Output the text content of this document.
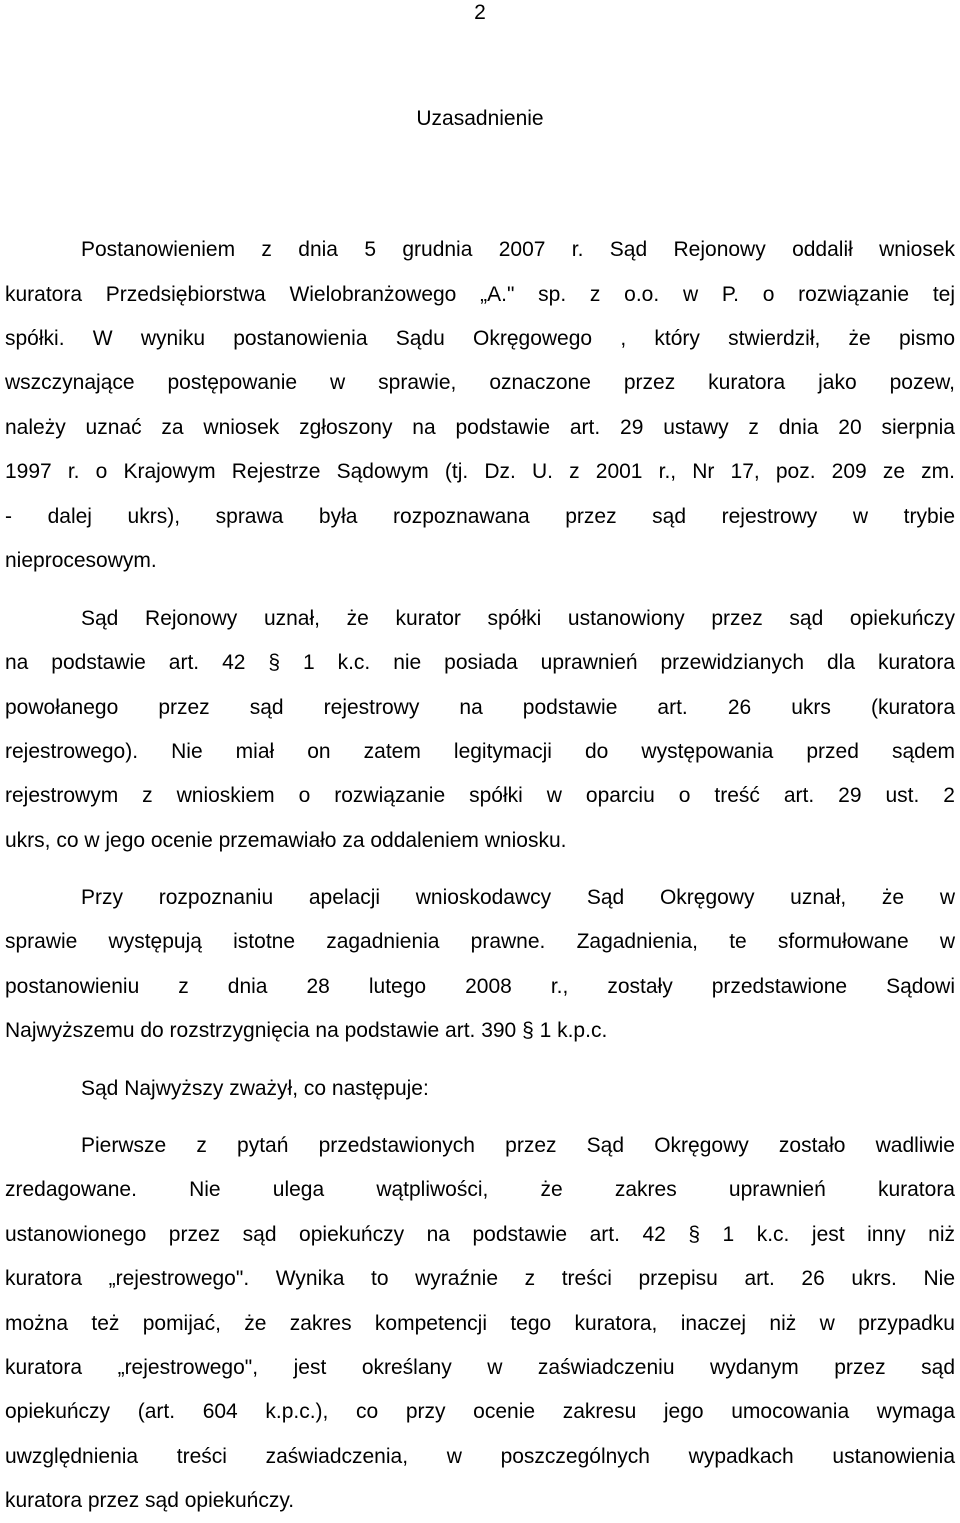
2
Uzasadnienie
Postanowieniem z dnia 5 grudnia 2007 r. Sąd Rejonowy oddalił wniosek
kuratora Przedsiębiorstwa Wielobranżowego „A." sp. z o.o. w P. o rozwiązanie tej
spółki. W wyniku postanowienia Sądu Okręgowego , który stwierdził, że pismo
wszczynające postępowanie w sprawie, oznaczone przez kuratora jako pozew,
należy uznać za wniosek zgłoszony na podstawie art. 29 ustawy z dnia 20 sierpnia
1997 r. o Krajowym Rejestrze Sądowym (tj. Dz. U. z 2001 r., Nr 17, poz. 209 ze zm.
- dalej ukrs), sprawa była rozpoznawana przez sąd rejestrowy w trybie
nieprocesowym.
Sąd Rejonowy uznał, że kurator spółki ustanowiony przez sąd opiekuńczy
na podstawie art. 42 § 1 k.c. nie posiada uprawnień przewidzianych dla kuratora
powołanego przez sąd rejestrowy na podstawie art. 26 ukrs (kuratora
rejestrowego). Nie miał on zatem legitymacji do występowania przed sądem
rejestrowym z wnioskiem o rozwiązanie spółki w oparciu o treść art. 29 ust. 2
ukrs, co w jego ocenie przemawiało za oddaleniem wniosku.
Przy rozpoznaniu apelacji wnioskodawcy Sąd Okręgowy uznał, że w
sprawie występują istotne zagadnienia prawne. Zagadnienia, te sformułowane w
postanowieniu z dnia 28 lutego 2008 r., zostały przedstawione Sądowi
Najwyższemu do rozstrzygnięcia na podstawie art. 390 § 1 k.p.c.
Sąd Najwyższy zważył, co następuje:
Pierwsze z pytań przedstawionych przez Sąd Okręgowy zostało wadliwie
zredagowane. Nie ulega wątpliwości, że zakres uprawnień kuratora
ustanowionego przez sąd opiekuńczy na podstawie art. 42 § 1 k.c. jest inny niż
kuratora „rejestrowego". Wynika to wyraźnie z treści przepisu art. 26 ukrs. Nie
można też pomijać, że zakres kompetencji tego kuratora, inaczej niż w przypadku
kuratora „rejestrowego", jest określany w zaświadczeniu wydanym przez sąd
opiekuńczy (art. 604 k.p.c.), co przy ocenie zakresu jego umocowania wymaga
uwzględnienia treści zaświadczenia, w poszczególnych wypadkach ustanowienia
kuratora przez sąd opiekuńczy.
